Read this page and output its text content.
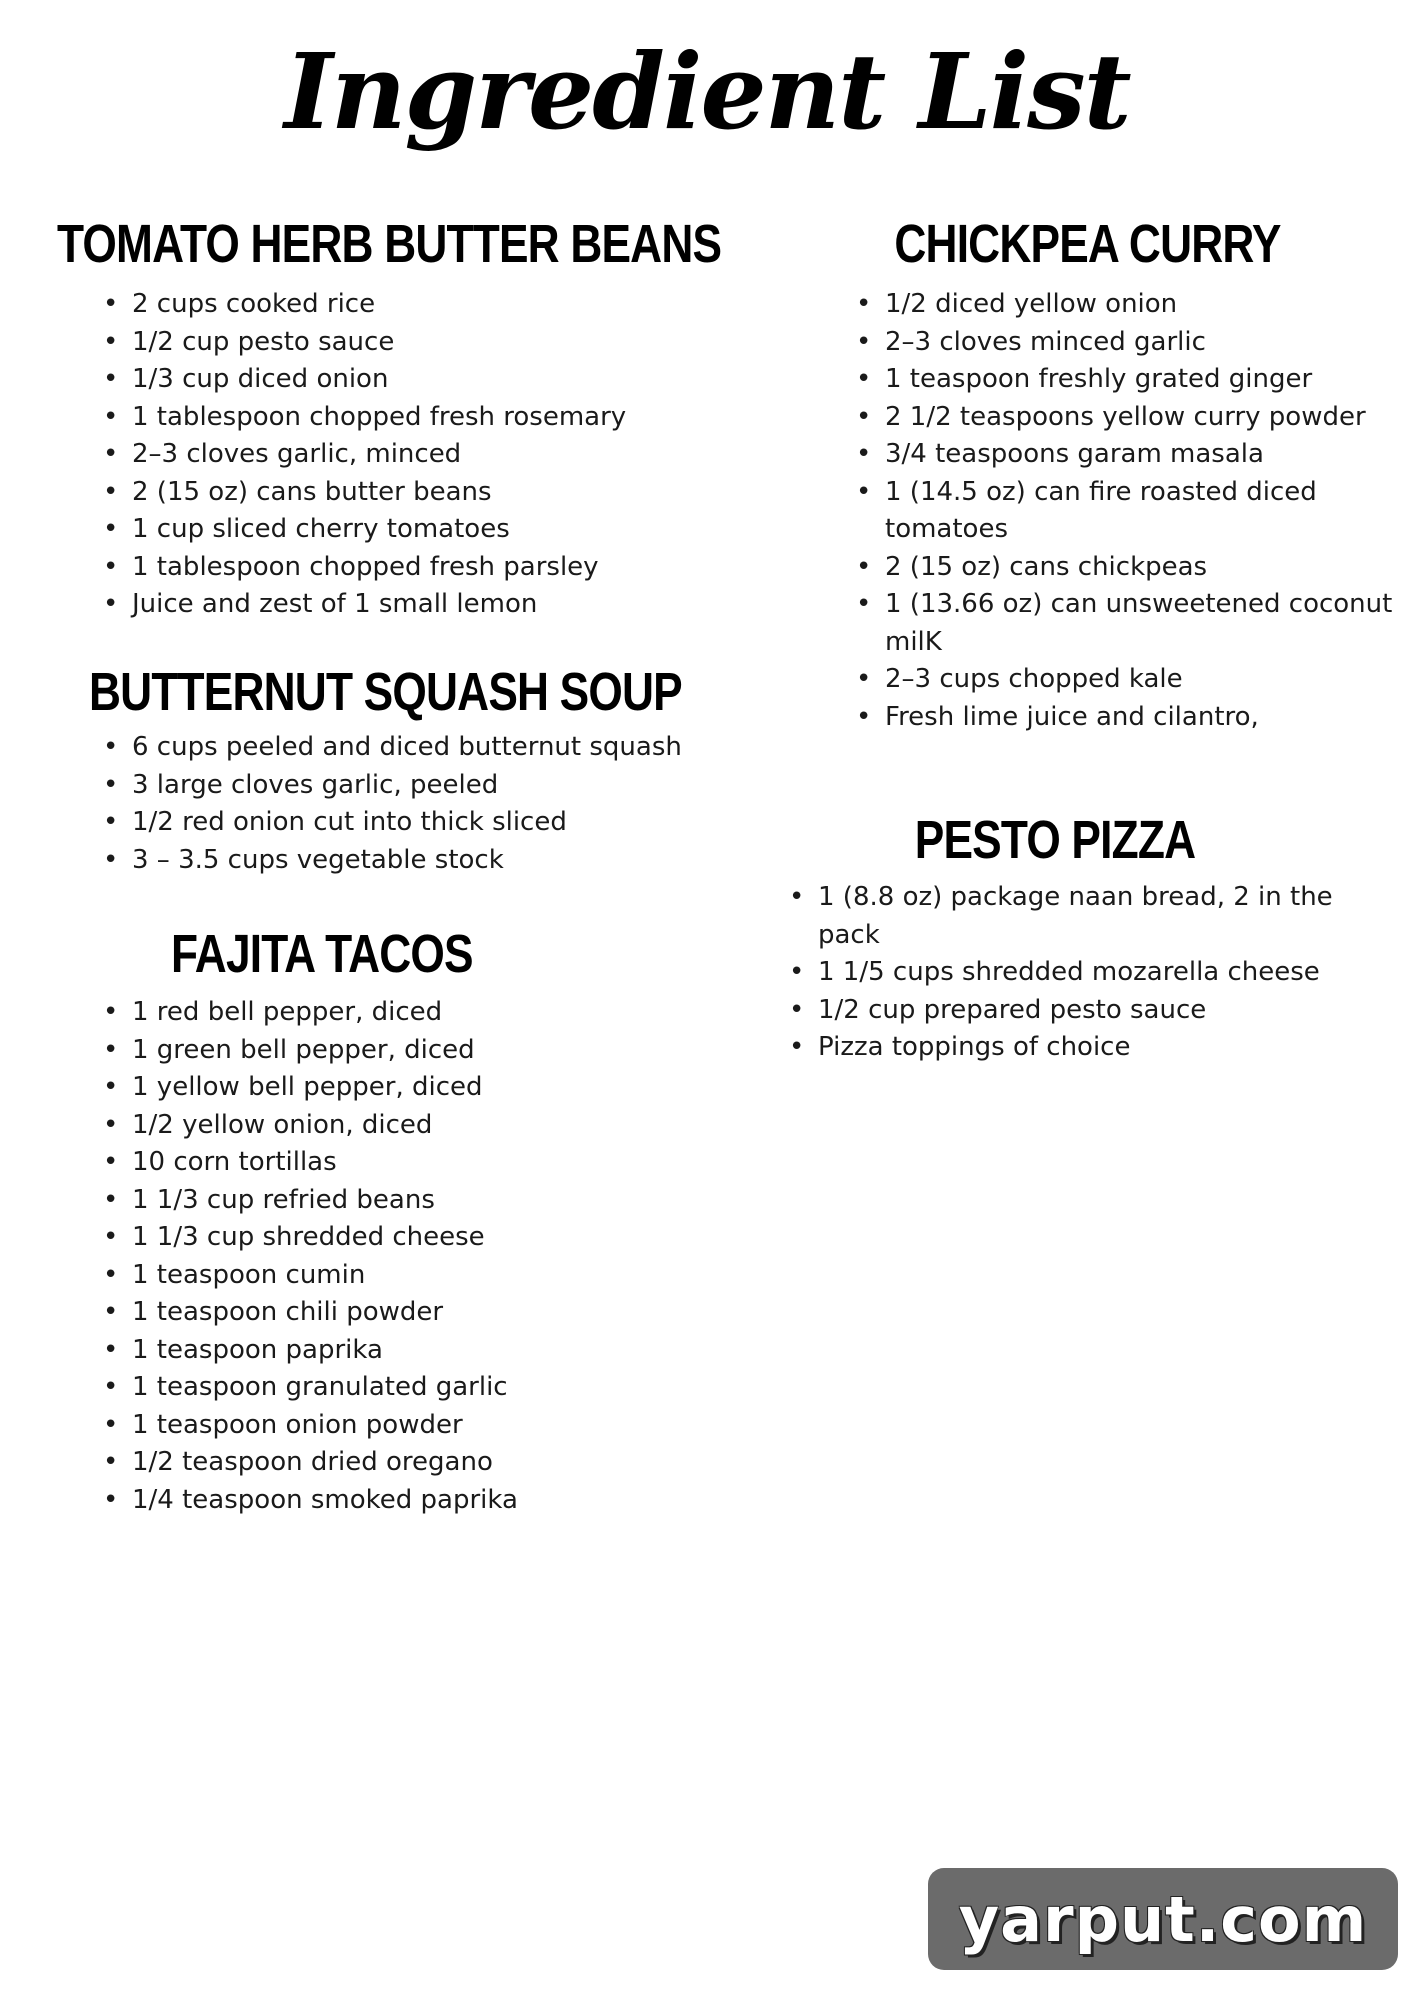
Ingredient List
TOMATO HERB BUTTER BEANS
• 2 cups cooked rice
• 1/2 cup pesto sauce
• 1/3 cup diced onion
• 1 tablespoon chopped fresh rosemary
• 2–3 cloves garlic, minced
• 2 (15 oz) cans butter beans
• 1 cup sliced cherry tomatoes
• 1 tablespoon chopped fresh parsley
• Juice and zest of 1 small lemon
BUTTERNUT SQUASH SOUP
• 6 cups peeled and diced butternut squash
• 3 large cloves garlic, peeled
• 1/2 red onion cut into thick sliced
• 3 – 3.5 cups vegetable stock
FAJITA TACOS
• 1 red bell pepper, diced
• 1 green bell pepper, diced
• 1 yellow bell pepper, diced
• 1/2 yellow onion, diced
• 10 corn tortillas
• 1 1/3 cup refried beans
• 1 1/3 cup shredded cheese
• 1 teaspoon cumin
• 1 teaspoon chili powder
• 1 teaspoon paprika
• 1 teaspoon granulated garlic
• 1 teaspoon onion powder
• 1/2 teaspoon dried oregano
• 1/4 teaspoon smoked paprika
CHICKPEA CURRY
• 1/2 diced yellow onion
• 2–3 cloves minced garlic
• 1 teaspoon freshly grated ginger
• 2 1/2 teaspoons yellow curry powder
• 3/4 teaspoons garam masala
• 1 (14.5 oz) can fire roasted diced tomatoes
• 2 (15 oz) cans chickpeas
• 1 (13.66 oz) can unsweetened coconut milK
• 2–3 cups chopped kale
• Fresh lime juice and cilantro,
PESTO PIZZA
• 1 (8.8 oz) package naan bread, 2 in the pack
• 1 1/5 cups shredded mozarella cheese
• 1/2 cup prepared pesto sauce
• Pizza toppings of choice
yarput.com
